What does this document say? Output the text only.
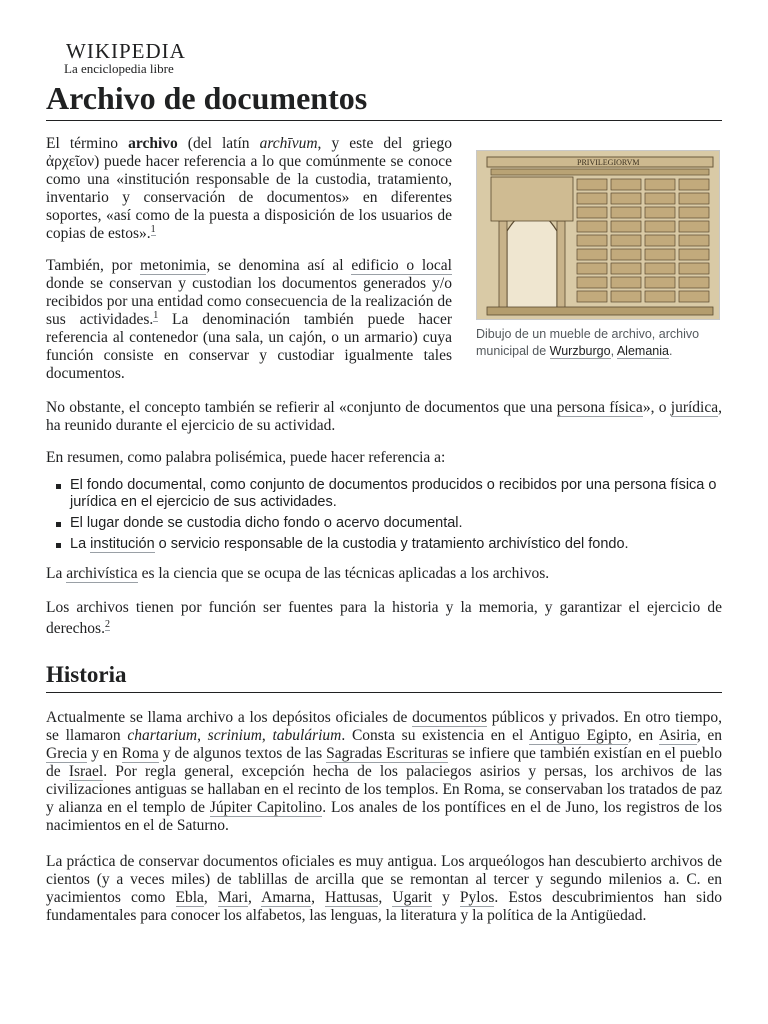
WIKIPEDIA
La enciclopedia libre
Archivo de documentos
PRIVILEGIORVM
Dibujo de un mueble de archivo, archivo municipal de Wurzburgo, Alemania.

El término archivo (del latín archīvum, y este del griego ἀρχεῖον) puede hacer referencia a lo que comúnmente se conoce como una «institución responsable de la custodia, tratamiento, inventario y conservación de documentos» en diferentes soportes, «así como de la puesta a disposición de los usuarios de copias de estos».$^1$

También, por metonimia, se denomina así al edificio o local donde se conservan y custodian los documentos generados y/o recibidos por una entidad como consecuencia de la realización de sus actividades.$^1$ La denominación también puede hacer referencia al contenedor (una sala, un cajón, o un armario) cuya función consiste en conservar y custodiar igualmente tales documentos.

No obstante, el concepto también se refierir al «conjunto de documentos que una persona física», o jurídica, ha reunido durante el ejercicio de su actividad.

En resumen, como palabra polisémica, puede hacer referencia a:

El fondo documental, como conjunto de documentos producidos o recibidos por una persona física o jurídica en el ejercicio de sus actividades.
El lugar donde se custodia dicho fondo o acervo documental.
La institución o servicio responsable de la custodia y tratamiento archivístico del fondo.

La archivística es la ciencia que se ocupa de las técnicas aplicadas a los archivos.

Los archivos tienen por función ser fuentes para la historia y la memoria, y garantizar el ejercicio de derechos.$^2$

Historia

Actualmente se llama archivo a los depósitos oficiales de documentos públicos y privados. En otro tiempo, se llamaron chartarium, scrinium, tabulárium. Consta su existencia en el Antiguo Egipto, en Asiria, en Grecia y en Roma y de algunos textos de las Sagradas Escrituras se infiere que también existían en el pueblo de Israel. Por regla general, excepción hecha de los palaciegos asirios y persas, los archivos de las civilizaciones antiguas se hallaban en el recinto de los templos. En Roma, se conservaban los tratados de paz y alianza en el templo de Júpiter Capitolino. Los anales de los pontífices en el de Juno, los registros de los nacimientos en el de Saturno.

La práctica de conservar documentos oficiales es muy antigua. Los arqueólogos han descubierto archivos de cientos (y a veces miles) de tablillas de arcilla que se remontan al tercer y segundo milenios a. C. en yacimientos como Ebla, Mari, Amarna, Hattusas, Ugarit y Pylos. Estos descubrimientos han sido fundamentales para conocer los alfabetos, las lenguas, la literatura y la política de la Antigüedad.
